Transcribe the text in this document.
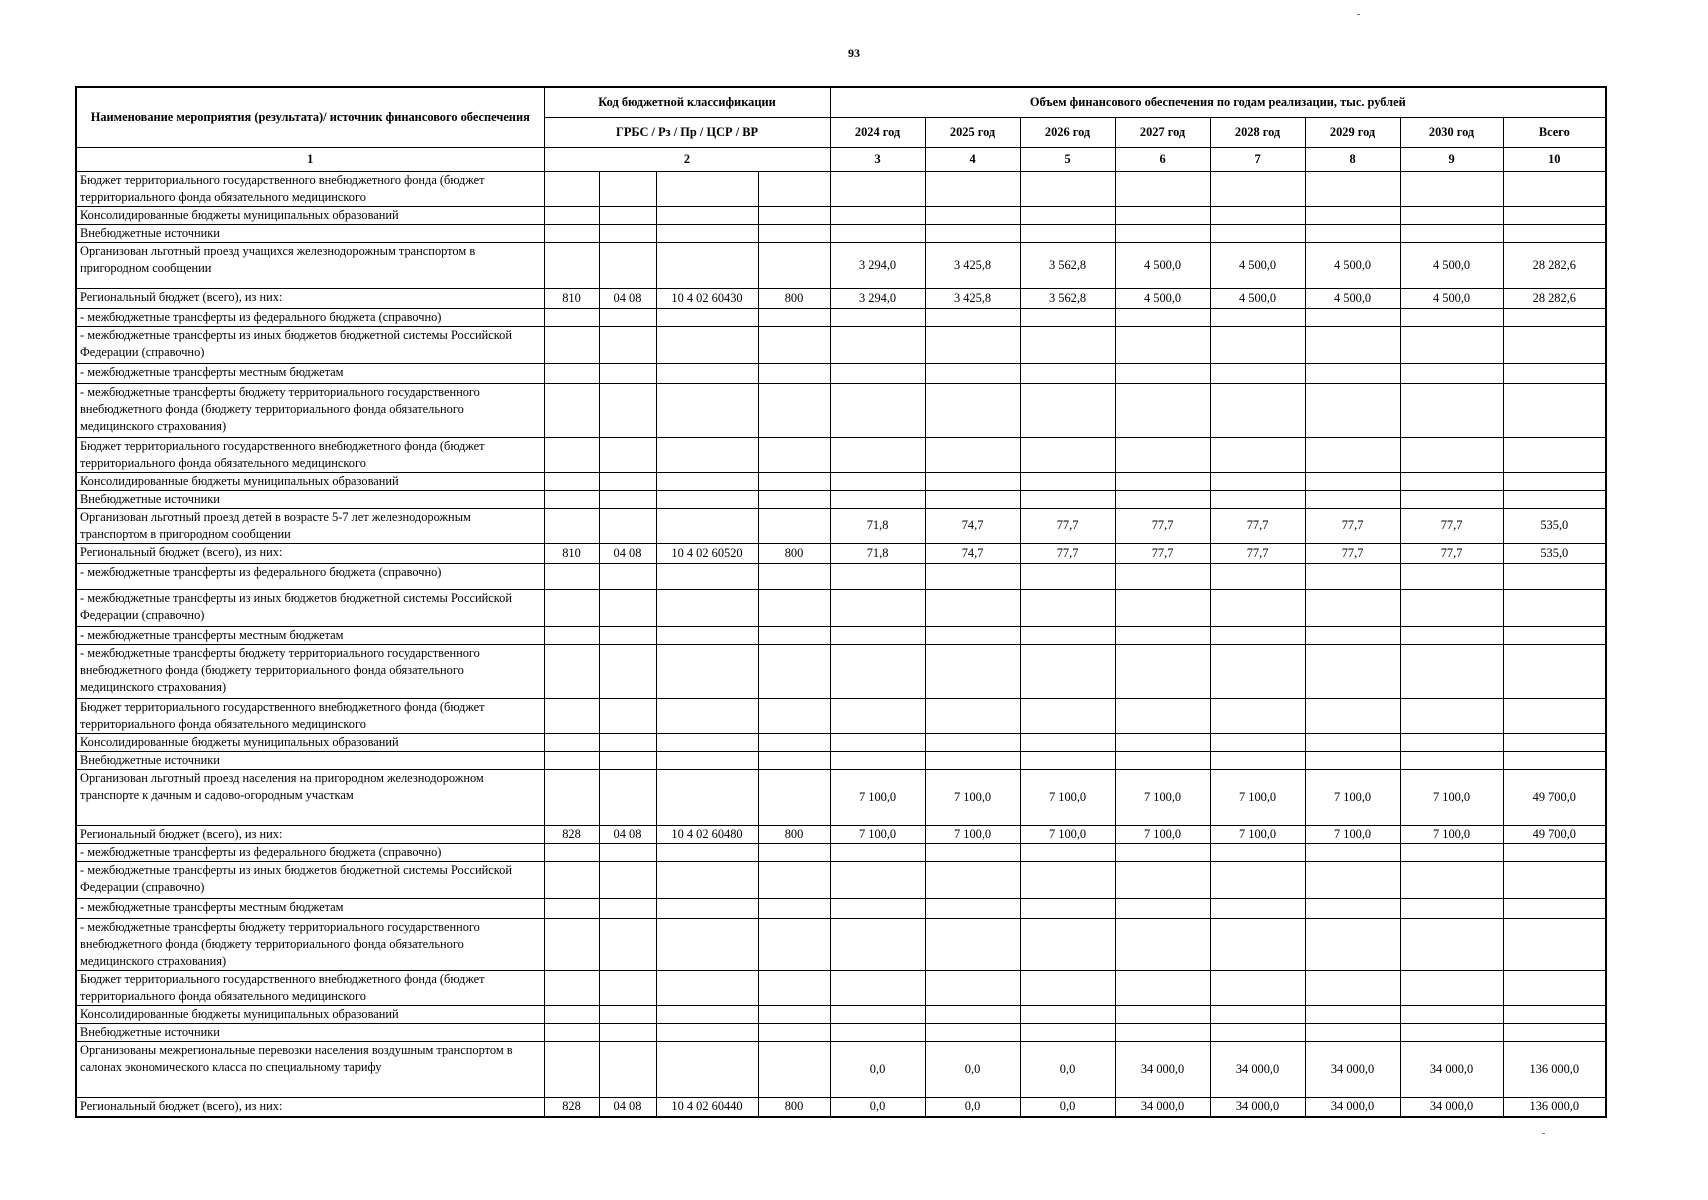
93
Наименование мероприятия (результата)/ источник финансового обеспечения	Код бюджетной классификации				Объем финансового обеспечения по годам реализации, тыс. рублей							
	ГРБС / Рз / Пр / ЦСР / ВР				2024 год	2025 год	2026 год	2027 год	2028 год	2029 год	2030 год	Всего
1	2				3	4	5	6	7	8	9	10
Бюджет территориального государственного внебюджетного фонда (бюджет территориального фонда обязательного медицинского												
Консолидированные бюджеты муниципальных образований												
Внебюджетные источники												
Организован льготный проезд учащихся железнодорожным транспортом в пригородном сообщении					3 294,0	3 425,8	3 562,8	4 500,0	4 500,0	4 500,0	4 500,0	28 282,6
Региональный бюджет (всего), из них:	810	04 08	10 4 02 60430	800	3 294,0	3 425,8	3 562,8	4 500,0	4 500,0	4 500,0	4 500,0	28 282,6
- межбюджетные трансферты из федерального бюджета (справочно)												
- межбюджетные трансферты из иных бюджетов бюджетной системы Российской Федерации (справочно)												
- межбюджетные трансферты местным бюджетам												
- межбюджетные трансферты бюджету территориального государственного внебюджетного фонда (бюджету территориального фонда обязательного медицинского страхования)												
Бюджет территориального государственного внебюджетного фонда (бюджет территориального фонда обязательного медицинского												
Консолидированные бюджеты муниципальных образований												
Внебюджетные источники												
Организован льготный проезд детей в возрасте 5-7 лет железнодорожным транспортом в пригородном сообщении					71,8	74,7	77,7	77,7	77,7	77,7	77,7	535,0
Региональный бюджет (всего), из них:	810	04 08	10 4 02 60520	800	71,8	74,7	77,7	77,7	77,7	77,7	77,7	535,0
- межбюджетные трансферты из федерального бюджета (справочно)												
- межбюджетные трансферты из иных бюджетов бюджетной системы Российской Федерации (справочно)												
- межбюджетные трансферты местным бюджетам												
- межбюджетные трансферты бюджету территориального государственного внебюджетного фонда (бюджету территориального фонда обязательного медицинского страхования)												
Бюджет территориального государственного внебюджетного фонда (бюджет территориального фонда обязательного медицинского												
Консолидированные бюджеты муниципальных образований												
Внебюджетные источники												
Организован льготный проезд населения на пригородном железнодорожном транспорте к дачным и садово-огородным участкам					7 100,0	7 100,0	7 100,0	7 100,0	7 100,0	7 100,0	7 100,0	49 700,0
Региональный бюджет (всего), из них:	828	04 08	10 4 02 60480	800	7 100,0	7 100,0	7 100,0	7 100,0	7 100,0	7 100,0	7 100,0	49 700,0
- межбюджетные трансферты из федерального бюджета (справочно)												
- межбюджетные трансферты из иных бюджетов бюджетной системы Российской Федерации (справочно)												
- межбюджетные трансферты местным бюджетам												
- межбюджетные трансферты бюджету территориального государственного внебюджетного фонда (бюджету территориального фонда обязательного медицинского страхования)												
Бюджет территориального государственного внебюджетного фонда (бюджет территориального фонда обязательного медицинского												
Консолидированные бюджеты муниципальных образований												
Внебюджетные источники												
Организованы межрегиональные перевозки населения воздушным транспортом в салонах экономического класса по специальному тарифу					0,0	0,0	0,0	34 000,0	34 000,0	34 000,0	34 000,0	136 000,0
Региональный бюджет (всего), из них:	828	04 08	10 4 02 60440	800	0,0	0,0	0,0	34 000,0	34 000,0	34 000,0	34 000,0	136 000,0
